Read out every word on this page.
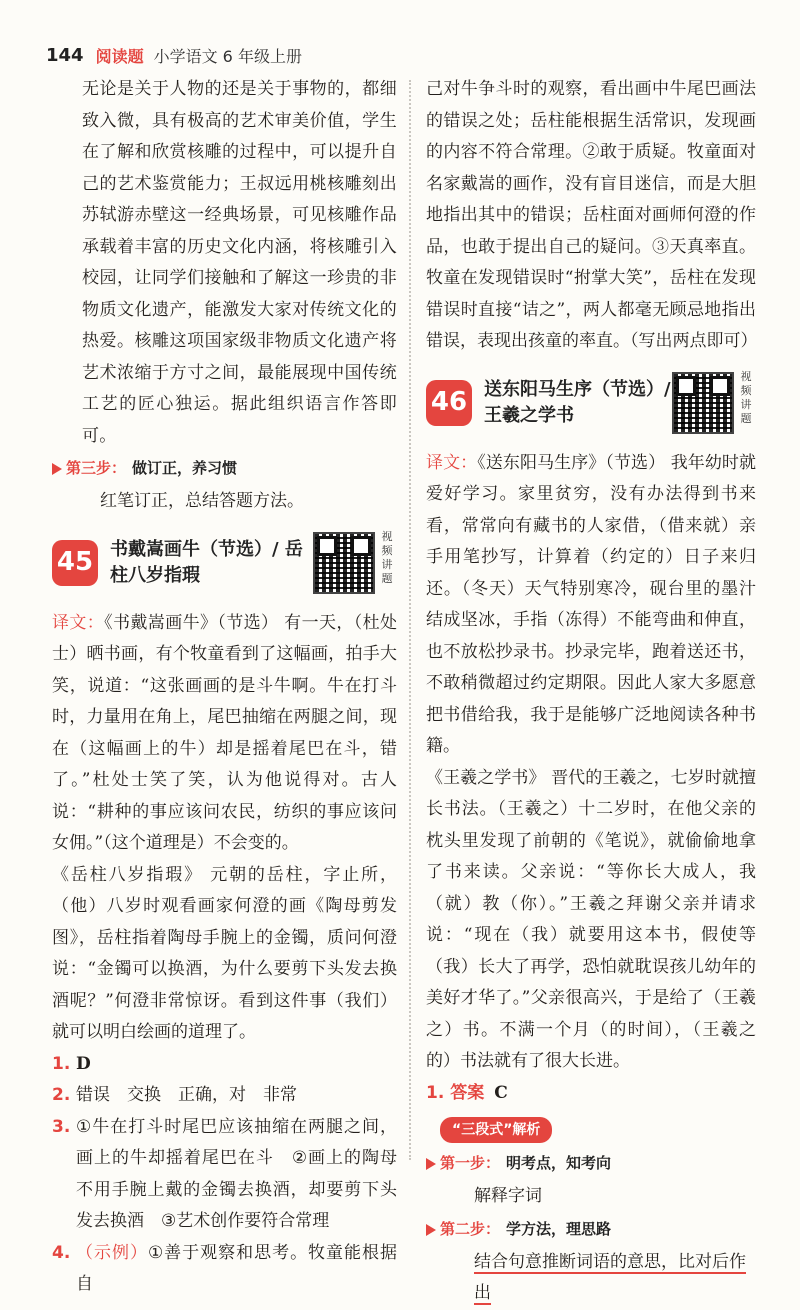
144 阅读题 小学语文 6 年级上册

无论是关于人物的还是关于事物的，都细致入微，具有极高的艺术审美价值，学生在了解和欣赏核雕的过程中，可以提升自己的艺术鉴赏能力；王叔远用桃核雕刻出苏轼游赤壁这一经典场景，可见核雕作品承载着丰富的历史文化内涵，将核雕引入校园，让同学们接触和了解这一珍贵的非物质文化遗产，能激发大家对传统文化的热爱。核雕这项国家级非物质文化遗产将艺术浓缩于方寸之间，最能展现中国传统工艺的匠心独运。据此组织语言作答即可。

第三步： 做订正，养习惯
红笔订正，总结答题方法。
45 书戴嵩画牛（节选）/ 岳柱八岁指瑕
视频讲题

译文：《书戴嵩画牛》（节选） 有一天，（杜处士）晒书画，有个牧童看到了这幅画，拍手大笑，说道：“这张画画的是斗牛啊。牛在打斗时，力量用在角上，尾巴抽缩在两腿之间，现在（这幅画上的牛）却是摇着尾巴在斗，错了。”杜处士笑了笑，认为他说得对。古人说：“耕种的事应该问农民，纺织的事应该问女佣。”（这个道理是）不会变的。

《岳柱八岁指瑕》 元朝的岳柱，字止所，（他）八岁时观看画家何澄的画《陶母剪发图》，岳柱指着陶母手腕上的金镯，质问何澄说：“金镯可以换酒，为什么要剪下头发去换酒呢？”何澄非常惊讶。看到这件事（我们）就可以明白绘画的道理了。

1. D
2. 错误　交换　正确，对　非常
3. ①牛在打斗时尾巴应该抽缩在两腿之间，画上的牛却摇着尾巴在斗　②画上的陶母不用手腕上戴的金镯去换酒，却要剪下头发去换酒　③艺术创作要符合常理
4. （示例）①善于观察和思考。牧童能根据自

己对牛争斗时的观察，看出画中牛尾巴画法的错误之处；岳柱能根据生活常识，发现画的内容不符合常理。②敢于质疑。牧童面对名家戴嵩的画作，没有盲目迷信，而是大胆地指出其中的错误；岳柱面对画师何澄的作品，也敢于提出自己的疑问。③天真率直。牧童在发现错误时“拊掌大笑”，岳柱在发现错误时直接“诘之”，两人都毫无顾忌地指出错误，表现出孩童的率直。（写出两点即可）

46 送东阳马生序（节选）/ 王羲之学书
视频讲题

译文：《送东阳马生序》（节选） 我年幼时就爱好学习。家里贫穷，没有办法得到书来看，常常向有藏书的人家借，（借来就）亲手用笔抄写，计算着（约定的）日子来归还。（冬天）天气特别寒冷，砚台里的墨汁结成坚冰，手指（冻得）不能弯曲和伸直，也不放松抄录书。抄录完毕，跑着送还书，不敢稍微超过约定期限。因此人家大多愿意把书借给我，我于是能够广泛地阅读各种书籍。

《王羲之学书》 晋代的王羲之，七岁时就擅长书法。（王羲之）十二岁时，在他父亲的枕头里发现了前朝的《笔说》，就偷偷地拿了书来读。父亲说：“等你长大成人，我（就）教（你）。”王羲之拜谢父亲并请求说：“现在（我）就要用这本书，假使等（我）长大了再学，恐怕就耽误孩儿幼年的美好才华了。”父亲很高兴，于是给了（王羲之）书。不满一个月（的时间），（王羲之的）书法就有了很大长进。

1. 答案 C
“三段式”解析
第一步： 明考点，知考向
解释字词
第二步： 学方法，理思路
结合句意推断词语的意思，比对后作出
